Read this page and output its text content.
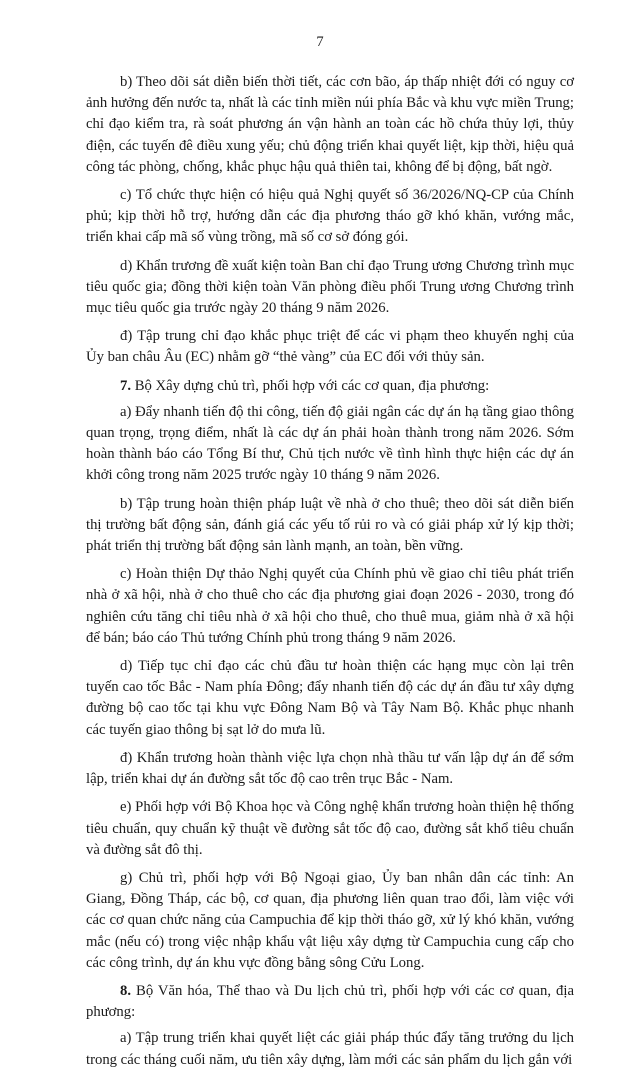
7

b) Theo dõi sát diễn biến thời tiết, các cơn bão, áp thấp nhiệt đới có nguy cơ ảnh hưởng đến nước ta, nhất là các tỉnh miền núi phía Bắc và khu vực miền Trung; chỉ đạo kiểm tra, rà soát phương án vận hành an toàn các hồ chứa thủy lợi, thủy điện, các tuyến đê điều xung yếu; chủ động triển khai quyết liệt, kịp thời, hiệu quả công tác phòng, chống, khắc phục hậu quả thiên tai, không để bị động, bất ngờ.

c) Tổ chức thực hiện có hiệu quả Nghị quyết số 36/2026/NQ-CP của Chính phủ; kịp thời hỗ trợ, hướng dẫn các địa phương tháo gỡ khó khăn, vướng mắc, triển khai cấp mã số vùng trồng, mã số cơ sở đóng gói.

d) Khẩn trương đề xuất kiện toàn Ban chỉ đạo Trung ương Chương trình mục tiêu quốc gia; đồng thời kiện toàn Văn phòng điều phối Trung ương Chương trình mục tiêu quốc gia trước ngày 20 tháng 9 năm 2026.

đ) Tập trung chỉ đạo khắc phục triệt để các vi phạm theo khuyến nghị của Ủy ban châu Âu (EC) nhằm gỡ “thẻ vàng” của EC đối với thủy sản.

7. Bộ Xây dựng chủ trì, phối hợp với các cơ quan, địa phương:

a) Đẩy nhanh tiến độ thi công, tiến độ giải ngân các dự án hạ tầng giao thông quan trọng, trọng điểm, nhất là các dự án phải hoàn thành trong năm 2026. Sớm hoàn thành báo cáo Tổng Bí thư, Chủ tịch nước về tình hình thực hiện các dự án khởi công trong năm 2025 trước ngày 10 tháng 9 năm 2026.

b) Tập trung hoàn thiện pháp luật về nhà ở cho thuê; theo dõi sát diễn biến thị trường bất động sản, đánh giá các yếu tố rủi ro và có giải pháp xử lý kịp thời; phát triển thị trường bất động sản lành mạnh, an toàn, bền vững.

c) Hoàn thiện Dự thảo Nghị quyết của Chính phủ về giao chỉ tiêu phát triển nhà ở xã hội, nhà ở cho thuê cho các địa phương giai đoạn 2026 - 2030, trong đó nghiên cứu tăng chỉ tiêu nhà ở xã hội cho thuê, cho thuê mua, giảm nhà ở xã hội để bán; báo cáo Thủ tướng Chính phủ trong tháng 9 năm 2026.

d) Tiếp tục chỉ đạo các chủ đầu tư hoàn thiện các hạng mục còn lại trên tuyến cao tốc Bắc - Nam phía Đông; đẩy nhanh tiến độ các dự án đầu tư xây dựng đường bộ cao tốc tại khu vực Đông Nam Bộ và Tây Nam Bộ. Khắc phục nhanh các tuyến giao thông bị sạt lở do mưa lũ.

đ) Khẩn trương hoàn thành việc lựa chọn nhà thầu tư vấn lập dự án để sớm lập, triển khai dự án đường sắt tốc độ cao trên trục Bắc - Nam.

e) Phối hợp với Bộ Khoa học và Công nghệ khẩn trương hoàn thiện hệ thống tiêu chuẩn, quy chuẩn kỹ thuật về đường sắt tốc độ cao, đường sắt khổ tiêu chuẩn và đường sắt đô thị.

g) Chủ trì, phối hợp với Bộ Ngoại giao, Ủy ban nhân dân các tỉnh: An Giang, Đồng Tháp, các bộ, cơ quan, địa phương liên quan trao đổi, làm việc với các cơ quan chức năng của Campuchia để kịp thời tháo gỡ, xử lý khó khăn, vướng mắc (nếu có) trong việc nhập khẩu vật liệu xây dựng từ Campuchia cung cấp cho các công trình, dự án khu vực đồng bằng sông Cửu Long.

8. Bộ Văn hóa, Thể thao và Du lịch chủ trì, phối hợp với các cơ quan, địa phương:

a) Tập trung triển khai quyết liệt các giải pháp thúc đẩy tăng trưởng du lịch trong các tháng cuối năm, ưu tiên xây dựng, làm mới các sản phẩm du lịch gắn với
